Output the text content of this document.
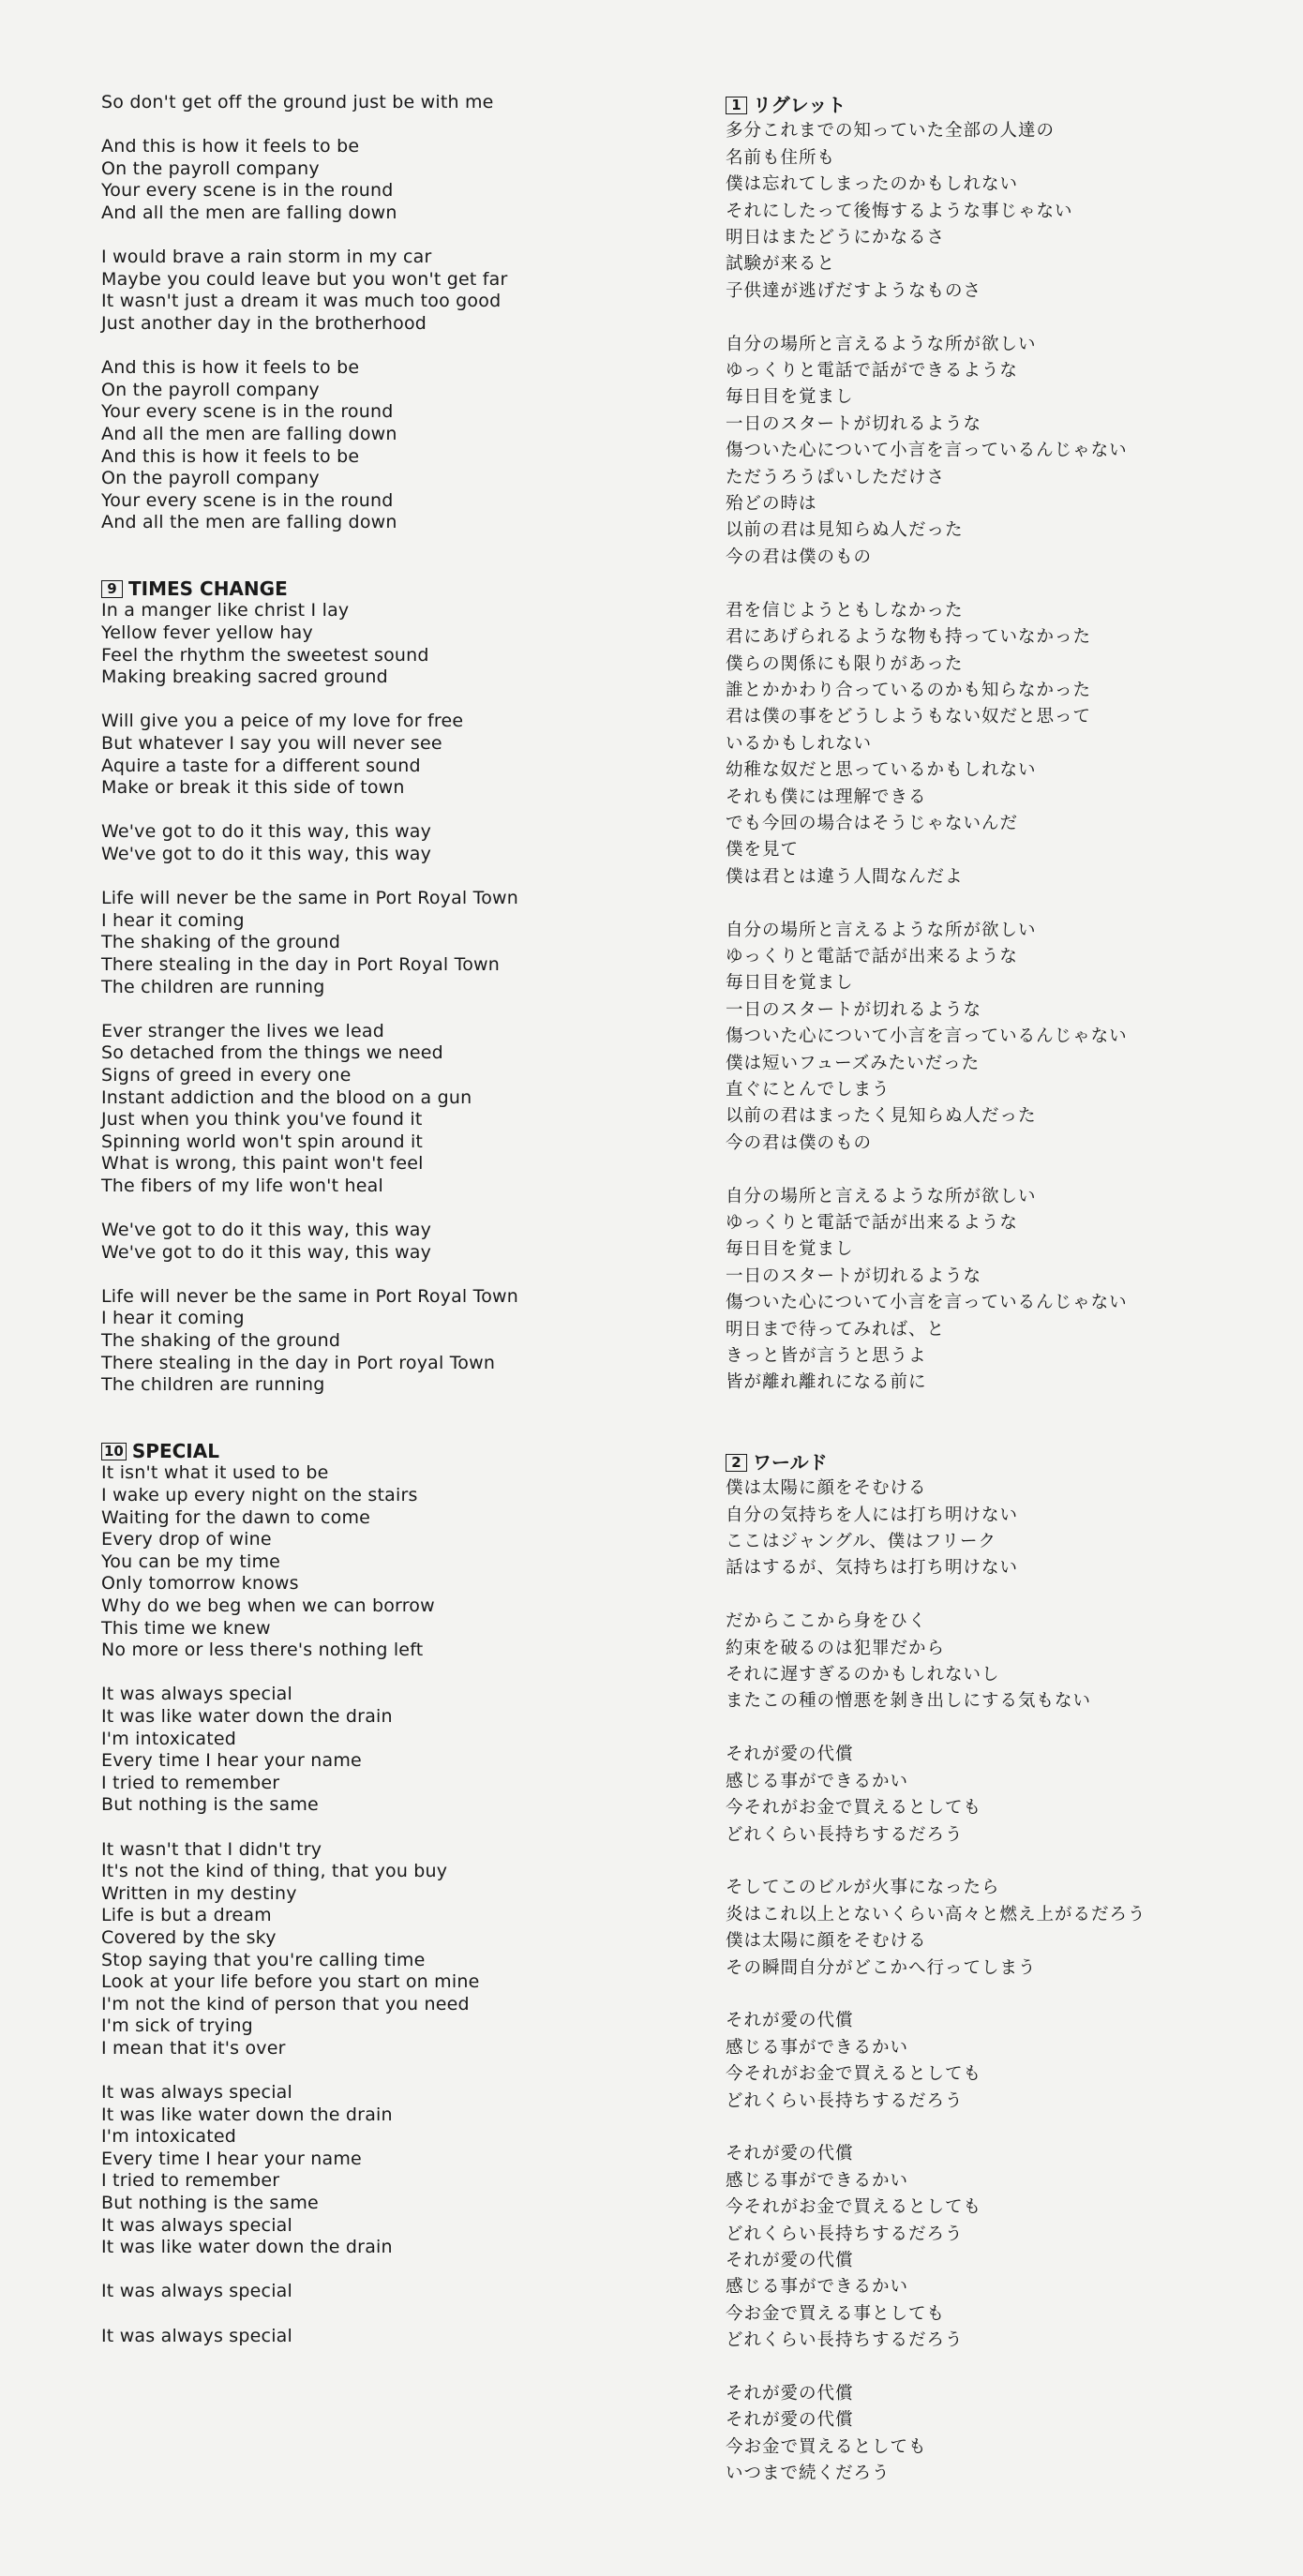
So don't get off the ground just be with me
And this is how it feels to be
On the payroll company
Your every scene is in the round
And all the men are falling down
I would brave a rain storm in my car
Maybe you could leave but you won't get far
It wasn't just a dream it was much too good
Just another day in the brotherhood
And this is how it feels to be
On the payroll company
Your every scene is in the round
And all the men are falling down
And this is how it feels to be
On the payroll company
Your every scene is in the round
And all the men are falling down
9 TIMES CHANGE
In a manger like christ I lay
Yellow fever yellow hay
Feel the rhythm the sweetest sound
Making breaking sacred ground
Will give you a peice of my love for free
But whatever I say you will never see
Aquire a taste for a different sound
Make or break it this side of town
We've got to do it this way, this way
We've got to do it this way, this way
Life will never be the same in Port Royal Town
I hear it coming
The shaking of the ground
There stealing in the day in Port Royal Town
The children are running
Ever stranger the lives we lead
So detached from the things we need
Signs of greed in every one
Instant addiction and the blood on a gun
Just when you think you've found it
Spinning world won't spin around it
What is wrong, this paint won't feel
The fibers of my life won't heal
We've got to do it this way, this way
We've got to do it this way, this way
Life will never be the same in Port Royal Town
I hear it coming
The shaking of the ground
There stealing in the day in Port royal Town
The children are running
10 SPECIAL
It isn't what it used to be
I wake up every night on the stairs
Waiting for the dawn to come
Every drop of wine
You can be my time
Only tomorrow knows
Why do we beg when we can borrow
This time we knew
No more or less there's nothing left
It was always special
It was like water down the drain
I'm intoxicated
Every time I hear your name
I tried to remember
But nothing is the same
It wasn't that I didn't try
It's not the kind of thing, that you buy
Written in my destiny
Life is but a dream
Covered by the sky
Stop saying that you're calling time
Look at your life before you start on mine
I'm not the kind of person that you need
I'm sick of trying
I mean that it's over
It was always special
It was like water down the drain
I'm intoxicated
Every time I hear your name
I tried to remember
But nothing is the same
It was always special
It was like water down the drain
It was always special
It was always special
1 リグレット
多分これまでの知っていた全部の人達の
名前も住所も
僕は忘れてしまったのかもしれない
それにしたって後悔するような事じゃない
明日はまたどうにかなるさ
試験が来ると
子供達が逃げだすようなものさ
自分の場所と言えるような所が欲しい
ゆっくりと電話で話ができるような
毎日目を覚まし
一日のスタートが切れるような
傷ついた心について小言を言っているんじゃない
ただうろうぱいしただけさ
殆どの時は
以前の君は見知らぬ人だった
今の君は僕のもの
君を信じようともしなかった
君にあげられるような物も持っていなかった
僕らの関係にも限りがあった
誰とかかわり合っているのかも知らなかった
君は僕の事をどうしようもない奴だと思って
いるかもしれない
幼稚な奴だと思っているかもしれない
それも僕には理解できる
でも今回の場合はそうじゃないんだ
僕を見て
僕は君とは違う人間なんだよ
自分の場所と言えるような所が欲しい
ゆっくりと電話で話が出来るような
毎日目を覚まし
一日のスタートが切れるような
傷ついた心について小言を言っているんじゃない
僕は短いフューズみたいだった
直ぐにとんでしまう
以前の君はまったく見知らぬ人だった
今の君は僕のもの
自分の場所と言えるような所が欲しい
ゆっくりと電話で話が出来るような
毎日目を覚まし
一日のスタートが切れるような
傷ついた心について小言を言っているんじゃない
明日まで待ってみれば、と
きっと皆が言うと思うよ
皆が離れ離れになる前に
2 ワールド
僕は太陽に顔をそむける
自分の気持ちを人には打ち明けない
ここはジャングル、僕はフリーク
話はするが、気持ちは打ち明けない
だからここから身をひく
約束を破るのは犯罪だから
それに遅すぎるのかもしれないし
またこの種の憎悪を剝き出しにする気もない
それが愛の代償
感じる事ができるかい
今それがお金で買えるとしても
どれくらい長持ちするだろう
そしてこのビルが火事になったら
炎はこれ以上とないくらい高々と燃え上がるだろう
僕は太陽に顔をそむける
その瞬間自分がどこかへ行ってしまう
それが愛の代償
感じる事ができるかい
今それがお金で買えるとしても
どれくらい長持ちするだろう
それが愛の代償
感じる事ができるかい
今それがお金で買えるとしても
どれくらい長持ちするだろう
それが愛の代償
感じる事ができるかい
今お金で買える事としても
どれくらい長持ちするだろう
それが愛の代償
それが愛の代償
今お金で買えるとしても
いつまで続くだろう
